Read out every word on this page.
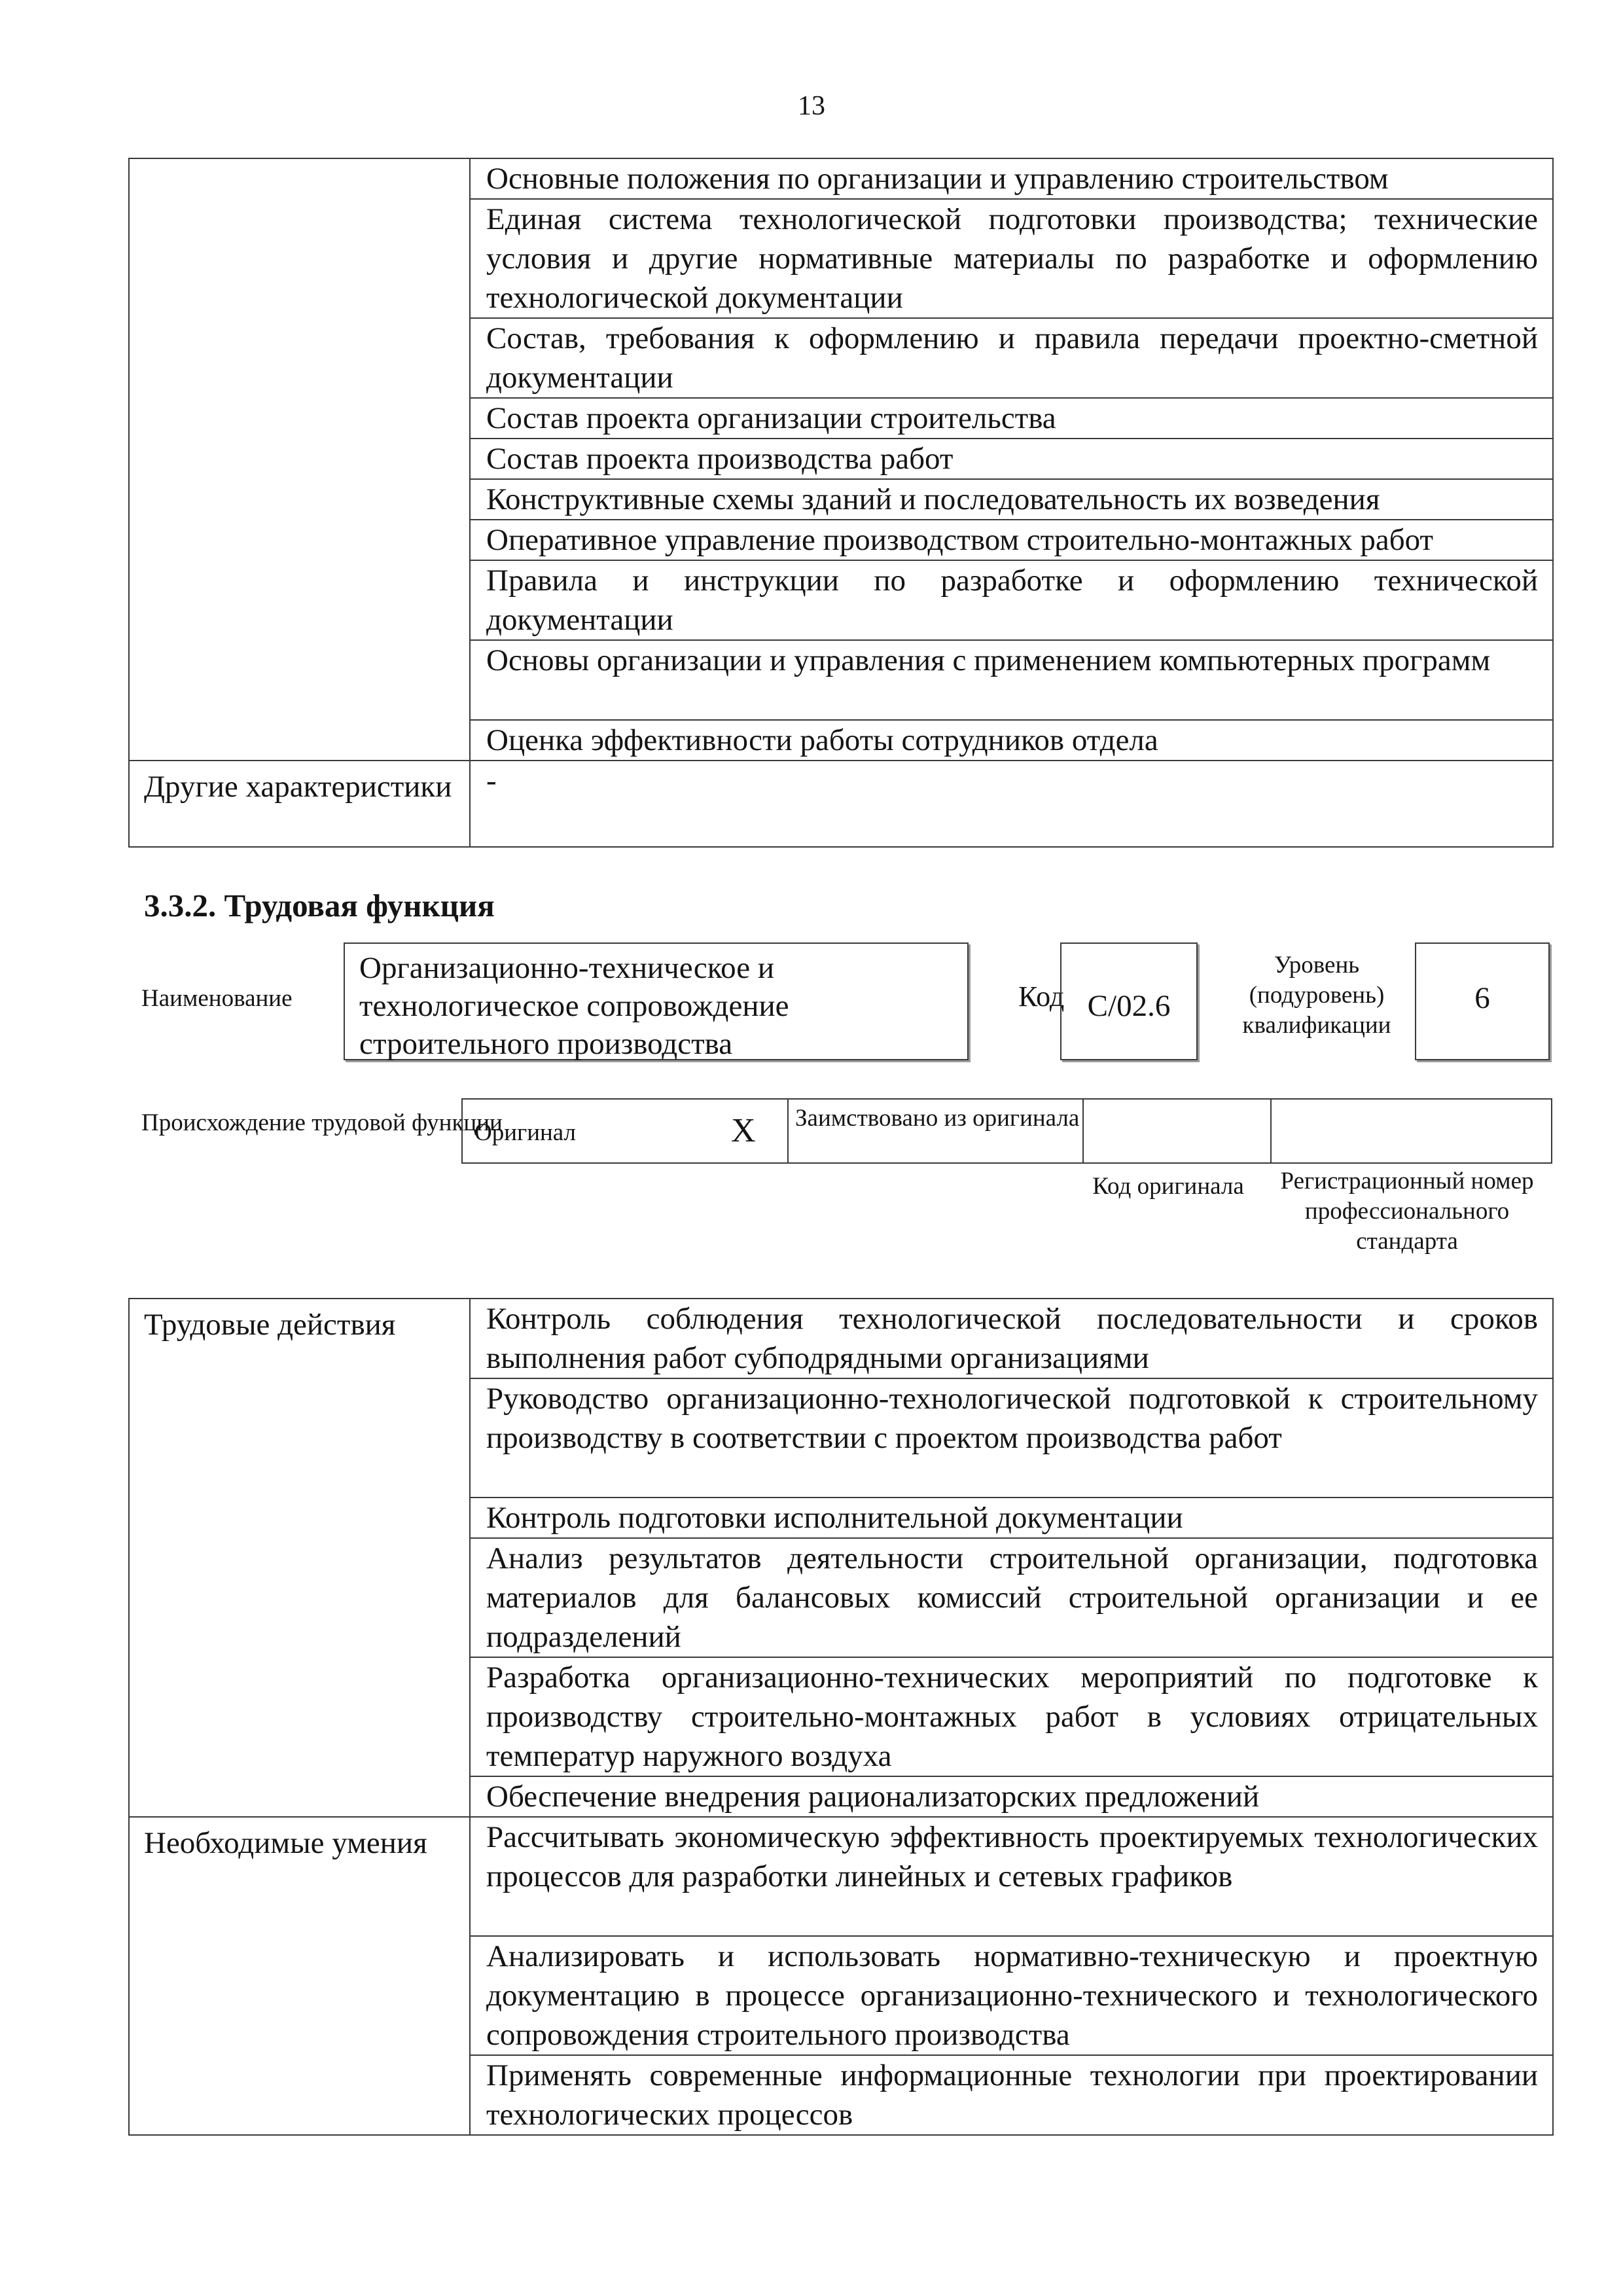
13
	Основные положения по организации и управлению строительством
	Единая система технологической подготовки производства; технические условия и другие нормативные материалы по разработке и оформлению технологической документации
	Состав, требования к оформлению и правила передачи проектно-сметной документации
	Состав проекта организации строительства
	Состав проекта производства работ
	Конструктивные схемы зданий и последовательность их возведения
	Оперативное управление производством строительно-монтажных работ
	Правила и инструкции по разработке и оформлению технической документации
	Основы организации и управления с применением компьютерных программ
	Оценка эффективности работы сотрудников отдела
Другие характеристики	-
3.3.2. Трудовая функция
Наименование
Организационно-техническое и технологическое сопровождение строительного производства
Код C/02.6
Уровень (подуровень) квалификации
6
Происхождение трудовой функции
Оригинал	X Заимствовано из оригинала
Код оригинала	Регистрационный номер профессионального стандарта
Трудовые действия	Контроль соблюдения технологической последовательности и сроков выполнения работ субподрядными организациями
	Руководство организационно-технологической подготовкой к строительному производству в соответствии с проектом производства работ
	Контроль подготовки исполнительной документации
	Анализ результатов деятельности строительной организации, подготовка материалов для балансовых комиссий строительной организации и ее подразделений
	Разработка организационно-технических мероприятий по подготовке к производству строительно-монтажных работ в условиях отрицательных температур наружного воздуха
	Обеспечение внедрения рационализаторских предложений
Необходимые умения	Рассчитывать экономическую эффективность проектируемых технологических процессов для разработки линейных и сетевых графиков
	Анализировать и использовать нормативно-техническую и проектную документацию в процессе организационно-технического и технологического сопровождения строительного производства
	Применять современные информационные технологии при проектировании технологических процессов
